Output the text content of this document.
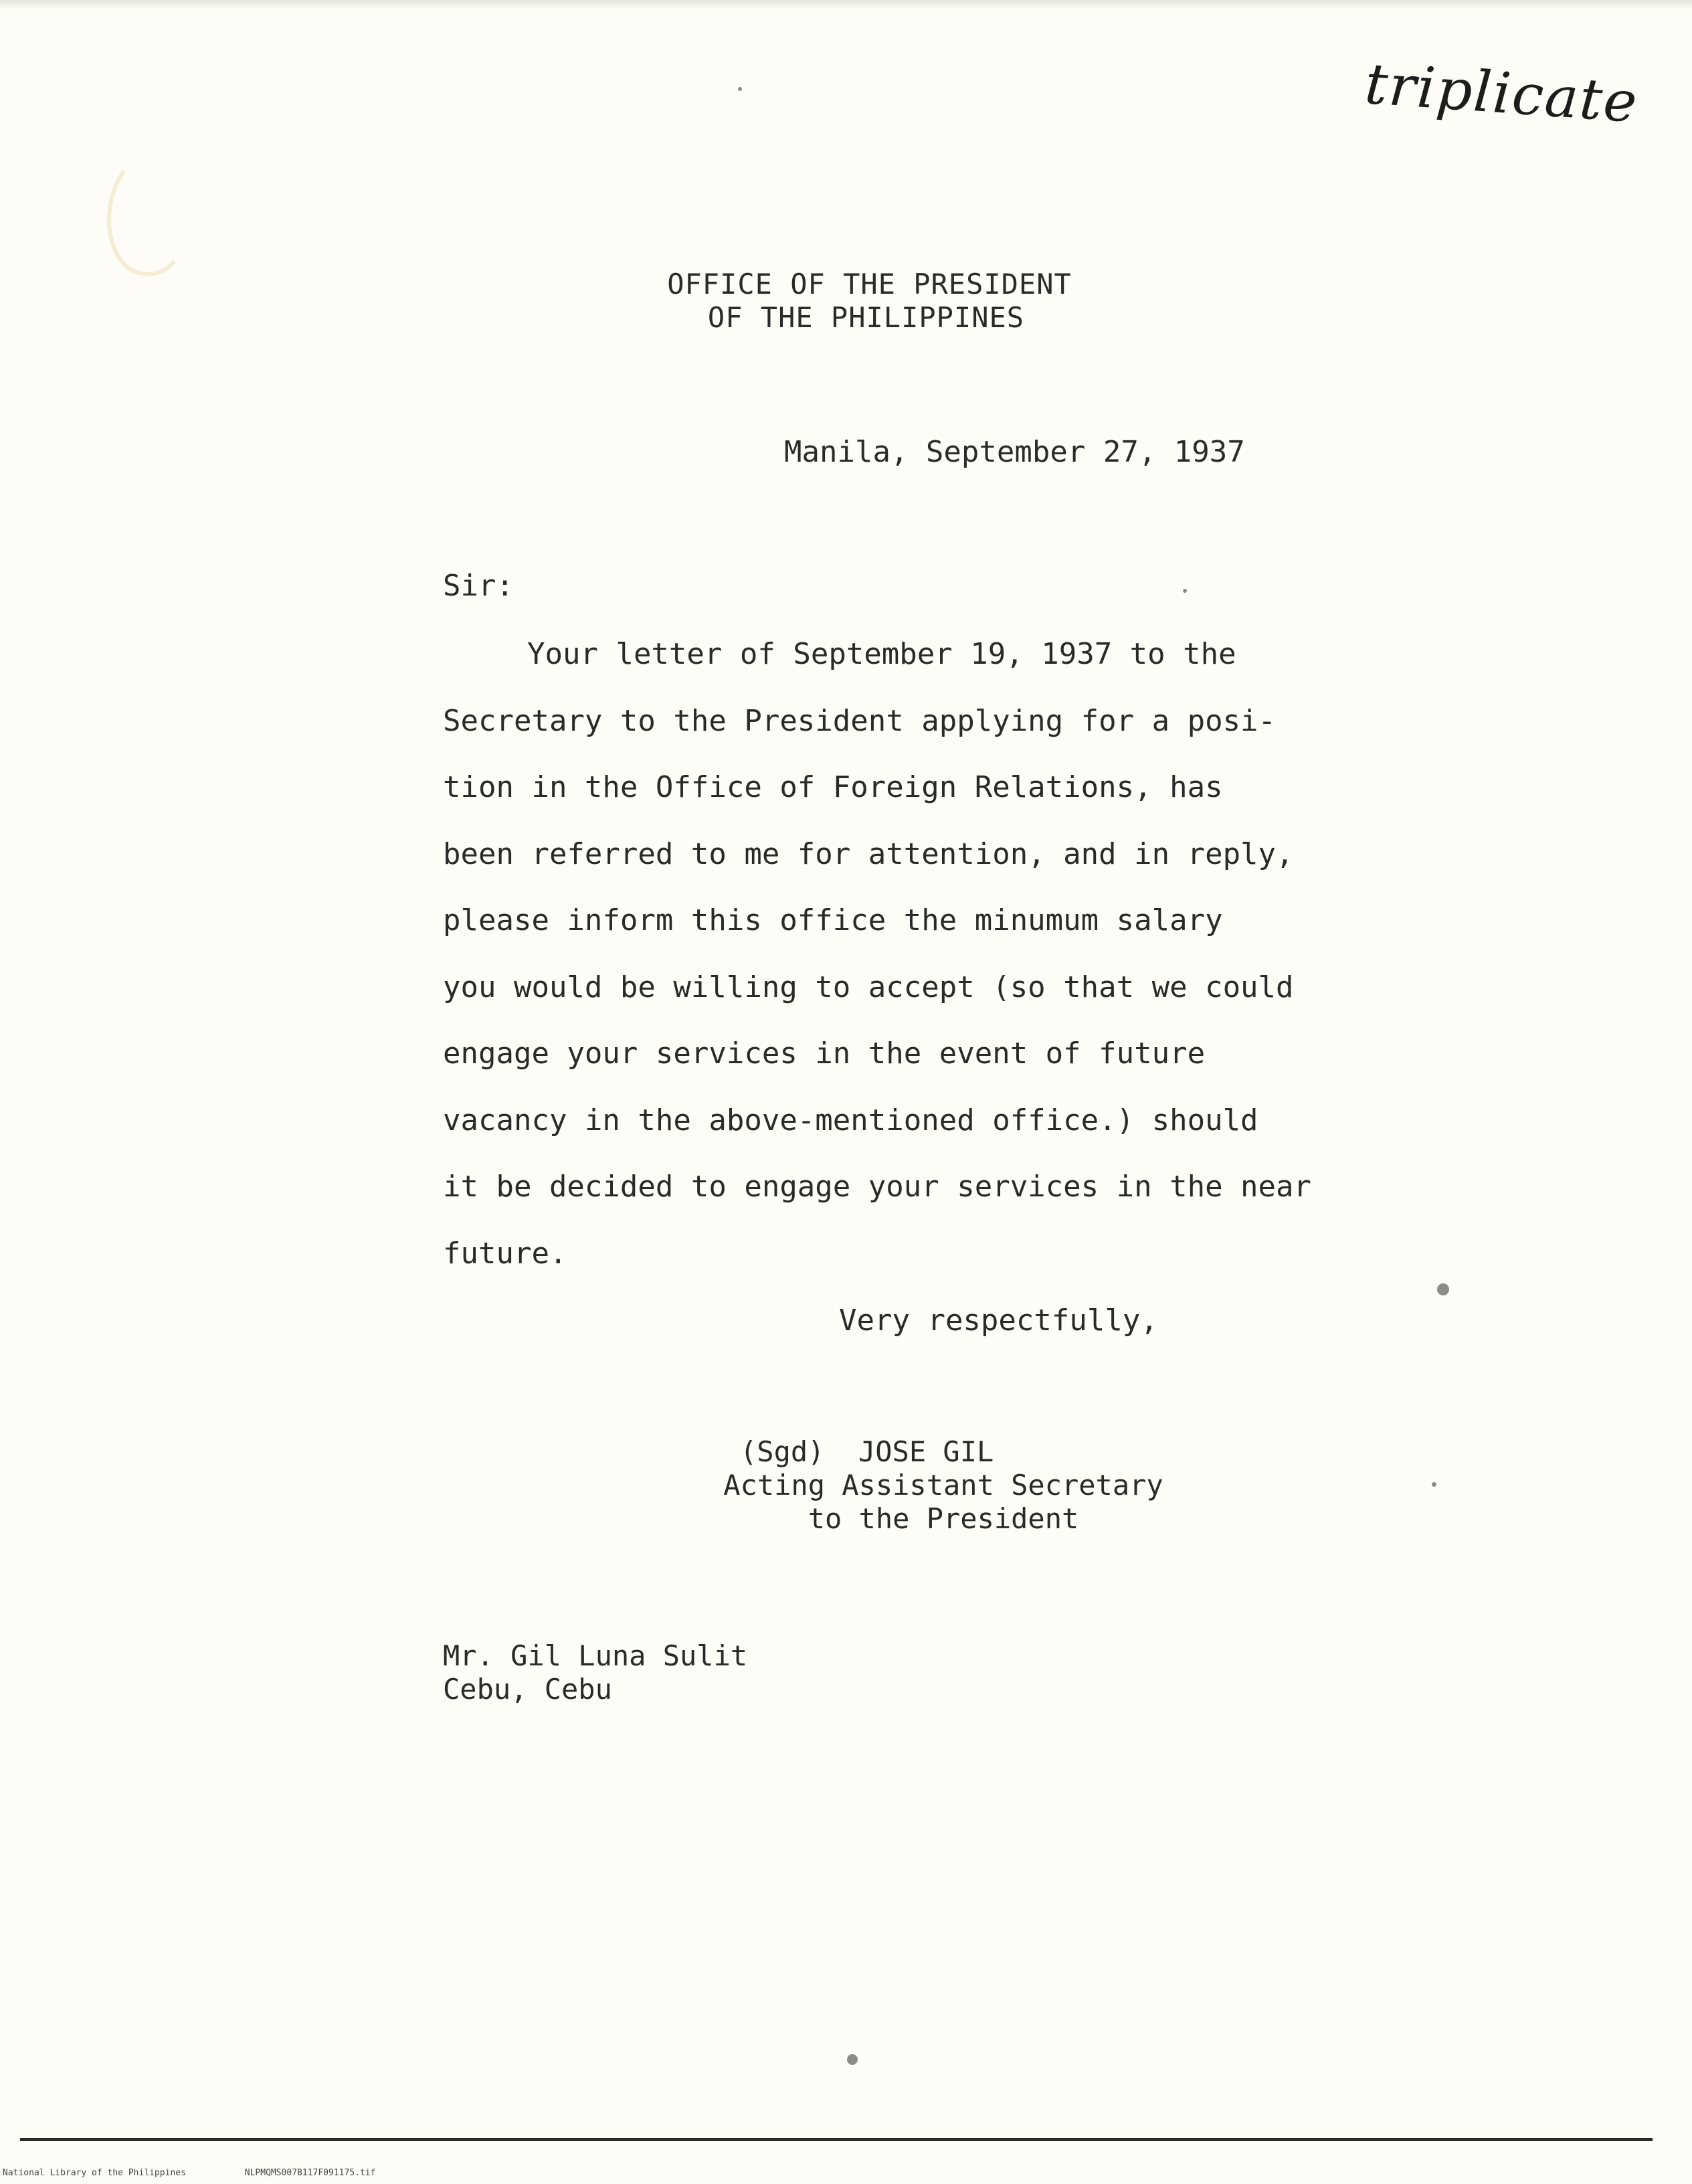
triplicate
OFFICE OF THE PRESIDENT
OF THE PHILIPPINES
Manila, September 27, 1937
Sir:
Your letter of September 19, 1937 to the
Secretary to the President applying for a posi-
tion in the Office of Foreign Relations, has
been referred to me for attention, and in reply,
please inform this office the minumum salary
you would be willing to accept (so that we could
engage your services in the event of future
vacancy in the above-mentioned office.) should
it be decided to engage your services in the near
future.
Very respectfully,
(Sgd)  JOSE GIL
Acting Assistant Secretary
to the President
Mr. Gil Luna Sulit
Cebu, Cebu
National Library of the Philippines	NLPMQMS007B117F091175.tif
